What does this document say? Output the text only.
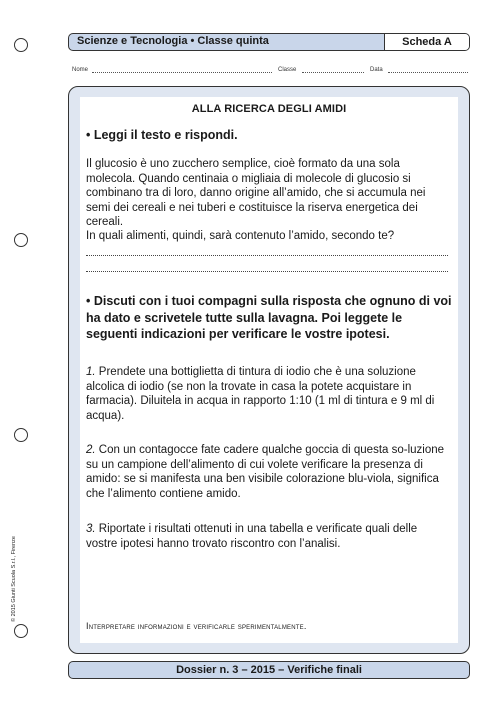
Scienze e Tecnologia • Classe quinta	Scheda A
Nome	Classe	Data
ALLA RICERCA DEGLI AMIDI
• Leggi il testo e rispondi.
Il glucosio è uno zucchero semplice, cioè formato da una sola molecola. Quando centinaia o migliaia di molecole di glucosio si combinano tra di loro, danno origine all’amido, che si accumula nei semi dei cereali e nei tuberi e costituisce la riserva energetica dei cereali.
In quali alimenti, quindi, sarà contenuto l’amido, secondo te?
• Discuti con i tuoi compagni sulla risposta che ognuno di voi ha dato e scrivetele tutte sulla lavagna. Poi leggete le seguenti indicazioni per verificare le vostre ipotesi.
1. Prendete una bottiglietta di tintura di iodio che è una soluzione alcolica di iodio (se non la trovate in casa la potete acquistare in farmacia). Diluitela in acqua in rapporto 1:10 (1 ml di tintura e 9 ml di acqua).
2. Con un contagocce fate cadere qualche goccia di questa so-luzione su un campione dell’alimento di cui volete verificare la presenza di amido: se si manifesta una ben visibile colorazione blu-viola, significa che l’alimento contiene amido.
3. Riportate i risultati ottenuti in una tabella e verificate quali delle vostre ipotesi hanno trovato riscontro con l’analisi.
Interpretare informazioni e verificarle sperimentalmente.
Dossier n. 3 – 2015 – Verifiche finali
© 2015 Giunti Scuola S.r.l., Firenze
